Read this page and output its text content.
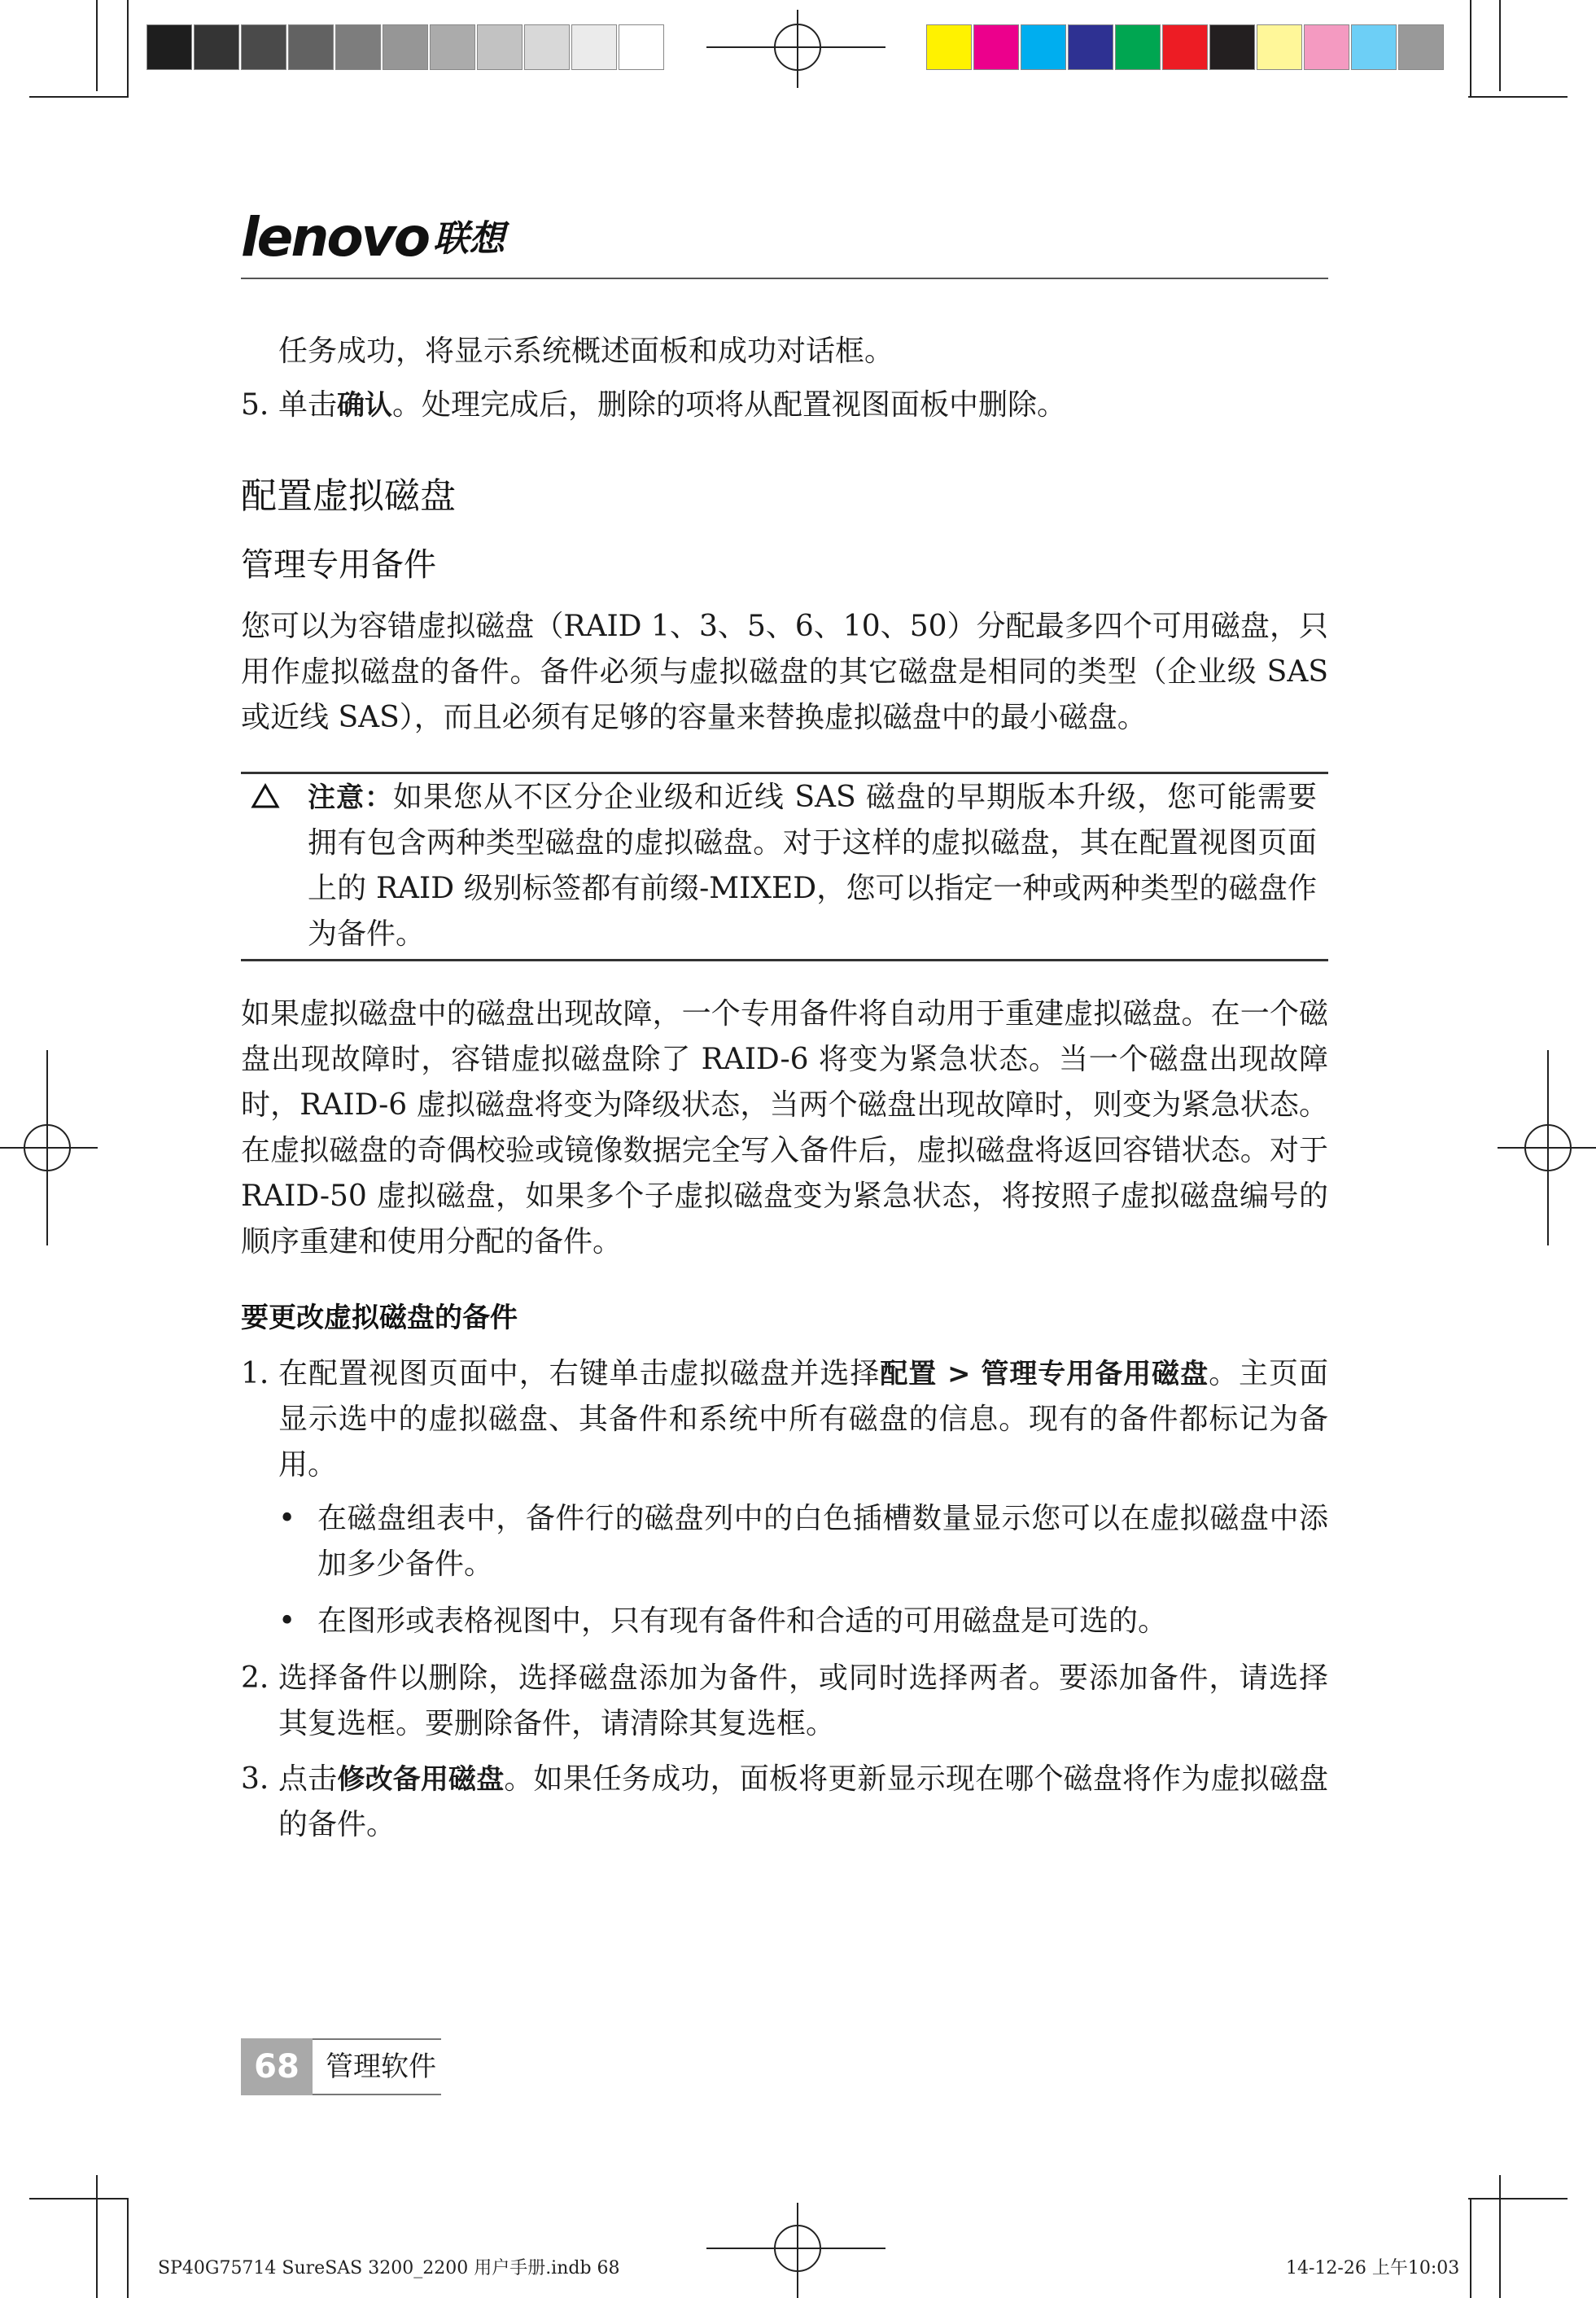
lenovo 联想

任务成功，将显示系统概述面板和成功对话框。

5. 单击确认。处理完成后，删除的项将从配置视图面板中删除。
配置虚拟磁盘
管理专用备件

您可以为容错虚拟磁盘（RAID 1、3、5、6、10、50）分配最多四个可用磁盘，只用作虚拟磁盘的备件。备件必须与虚拟磁盘的其它磁盘是相同的类型（企业级 SAS 或近线 SAS），而且必须有足够的容量来替换虚拟磁盘中的最小磁盘。

注意：如果您从不区分企业级和近线 SAS 磁盘的早期版本升级，您可能需要拥有包含两种类型磁盘的虚拟磁盘。对于这样的虚拟磁盘，其在配置视图页面上的 RAID 级别标签都有前缀-MIXED，您可以指定一种或两种类型的磁盘作为备件。

如果虚拟磁盘中的磁盘出现故障，一个专用备件将自动用于重建虚拟磁盘。在一个磁盘出现故障时，容错虚拟磁盘除了 RAID-6 将变为紧急状态。当一个磁盘出现故障时，RAID-6 虚拟磁盘将变为降级状态，当两个磁盘出现故障时，则变为紧急状态。在虚拟磁盘的奇偶校验或镜像数据完全写入备件后，虚拟磁盘将返回容错状态。对于 RAID-50 虚拟磁盘，如果多个子虚拟磁盘变为紧急状态，将按照子虚拟磁盘编号的顺序重建和使用分配的备件。

要更改虚拟磁盘的备件
1. 在配置视图页面中，右键单击虚拟磁盘并选择配置 > 管理专用备用磁盘。主页面显示选中的虚拟磁盘、其备件和系统中所有磁盘的信息。现有的备件都标记为备用。
• 在磁盘组表中，备件行的磁盘列中的白色插槽数量显示您可以在虚拟磁盘中添加多少备件。
• 在图形或表格视图中，只有现有备件和合适的可用磁盘是可选的。
2. 选择备件以删除，选择磁盘添加为备件，或同时选择两者。要添加备件，请选择其复选框。要删除备件，请清除其复选框。
3. 点击修改备用磁盘。如果任务成功，面板将更新显示现在哪个磁盘将作为虚拟磁盘的备件。
68 管理软件
SP40G75714 SureSAS 3200_2200 用户手册.indb 68	14-12-26 上午10:03
